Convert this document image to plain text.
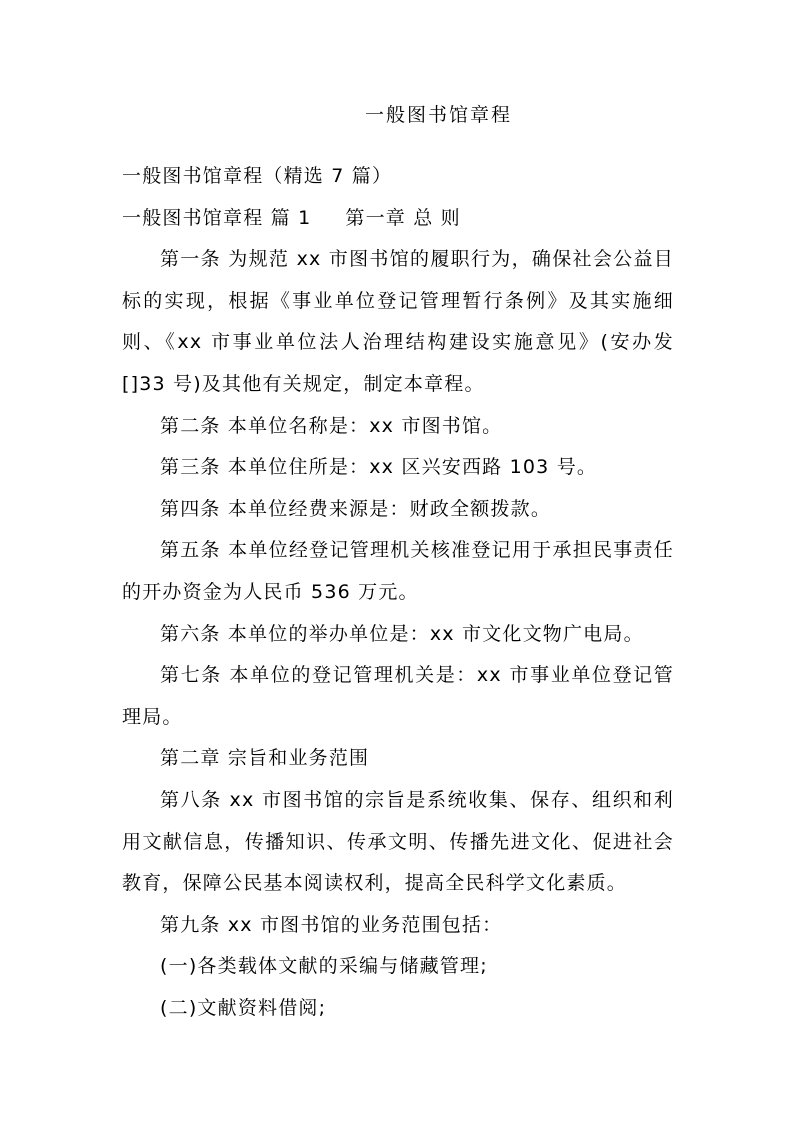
一般图书馆章程

一般图书馆章程（精选 7 篇）

一般图书馆章程 篇 1 第一章 总 则

第一条 为规范 xx 市图书馆的履职行为，确保社会公益目标的实现，根据《事业单位登记管理暂行条例》及其实施细则、《xx 市事业单位法人治理结构建设实施意见》(安办发[]33 号)及其他有关规定，制定本章程。

第二条 本单位名称是：xx 市图书馆。

第三条 本单位住所是：xx 区兴安西路 103 号。

第四条 本单位经费来源是：财政全额拨款。

第五条 本单位经登记管理机关核准登记用于承担民事责任的开办资金为人民币 536 万元。

第六条 本单位的举办单位是：xx 市文化文物广电局。

第七条 本单位的登记管理机关是：xx 市事业单位登记管理局。

第二章 宗旨和业务范围

第八条 xx 市图书馆的宗旨是系统收集、保存、组织和利用文献信息，传播知识、传承文明、传播先进文化、促进社会教育，保障公民基本阅读权利，提高全民科学文化素质。

第九条 xx 市图书馆的业务范围包括：

(一)各类载体文献的采编与储藏管理;

(二)文献资料借阅;
